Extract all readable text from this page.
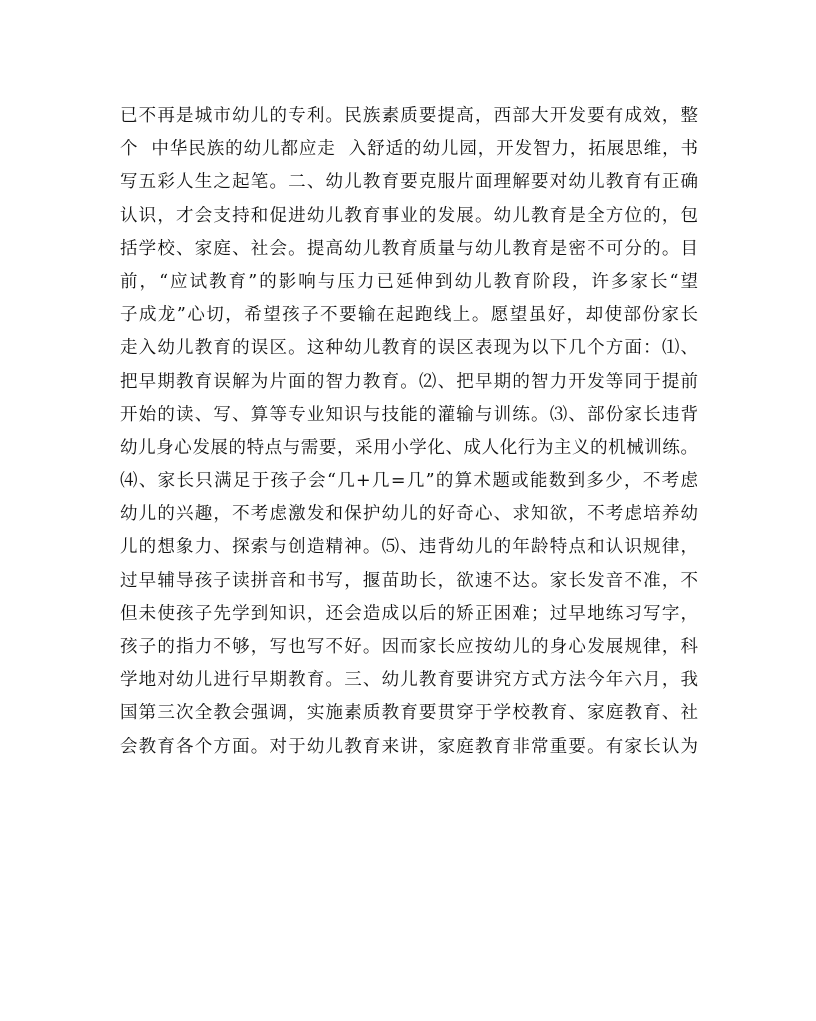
已不再是城市幼儿的专利。民族素质要提高，西部大开发要有成效，整
个  中华民族的幼儿都应走  入舒适的幼儿园，开发智力，拓展思维，书
写五彩人生之起笔。二、幼儿教育要克服片面理解要对幼儿教育有正确
认识，才会支持和促进幼儿教育事业的发展。幼儿教育是全方位的，包
括学校、家庭、社会。提高幼儿教育质量与幼儿教育是密不可分的。目
前，“应试教育”的影响与压力已延伸到幼儿教育阶段，许多家长“望
子成龙”心切，希望孩子不要输在起跑线上。愿望虽好，却使部份家长
走入幼儿教育的误区。这种幼儿教育的误区表现为以下几个方面：⑴、
把早期教育误解为片面的智力教育。⑵、把早期的智力开发等同于提前
开始的读、写、算等专业知识与技能的灌输与训练。⑶、部份家长违背
幼儿身心发展的特点与需要，采用小学化、成人化行为主义的机械训练。
⑷、家长只满足于孩子会“几+几=几”的算术题或能数到多少，不考虑
幼儿的兴趣，不考虑激发和保护幼儿的好奇心、求知欲，不考虑培养幼
儿的想象力、探索与创造精神。⑸、违背幼儿的年龄特点和认识规律，
过早辅导孩子读拼音和书写，揠苗助长，欲速不达。家长发音不准，不
但未使孩子先学到知识，还会造成以后的矫正困难；过早地练习写字，
孩子的指力不够，写也写不好。因而家长应按幼儿的身心发展规律，科
学地对幼儿进行早期教育。三、幼儿教育要讲究方式方法今年六月，我
国第三次全教会强调，实施素质教育要贯穿于学校教育、家庭教育、社
会教育各个方面。对于幼儿教育来讲，家庭教育非常重要。有家长认为
